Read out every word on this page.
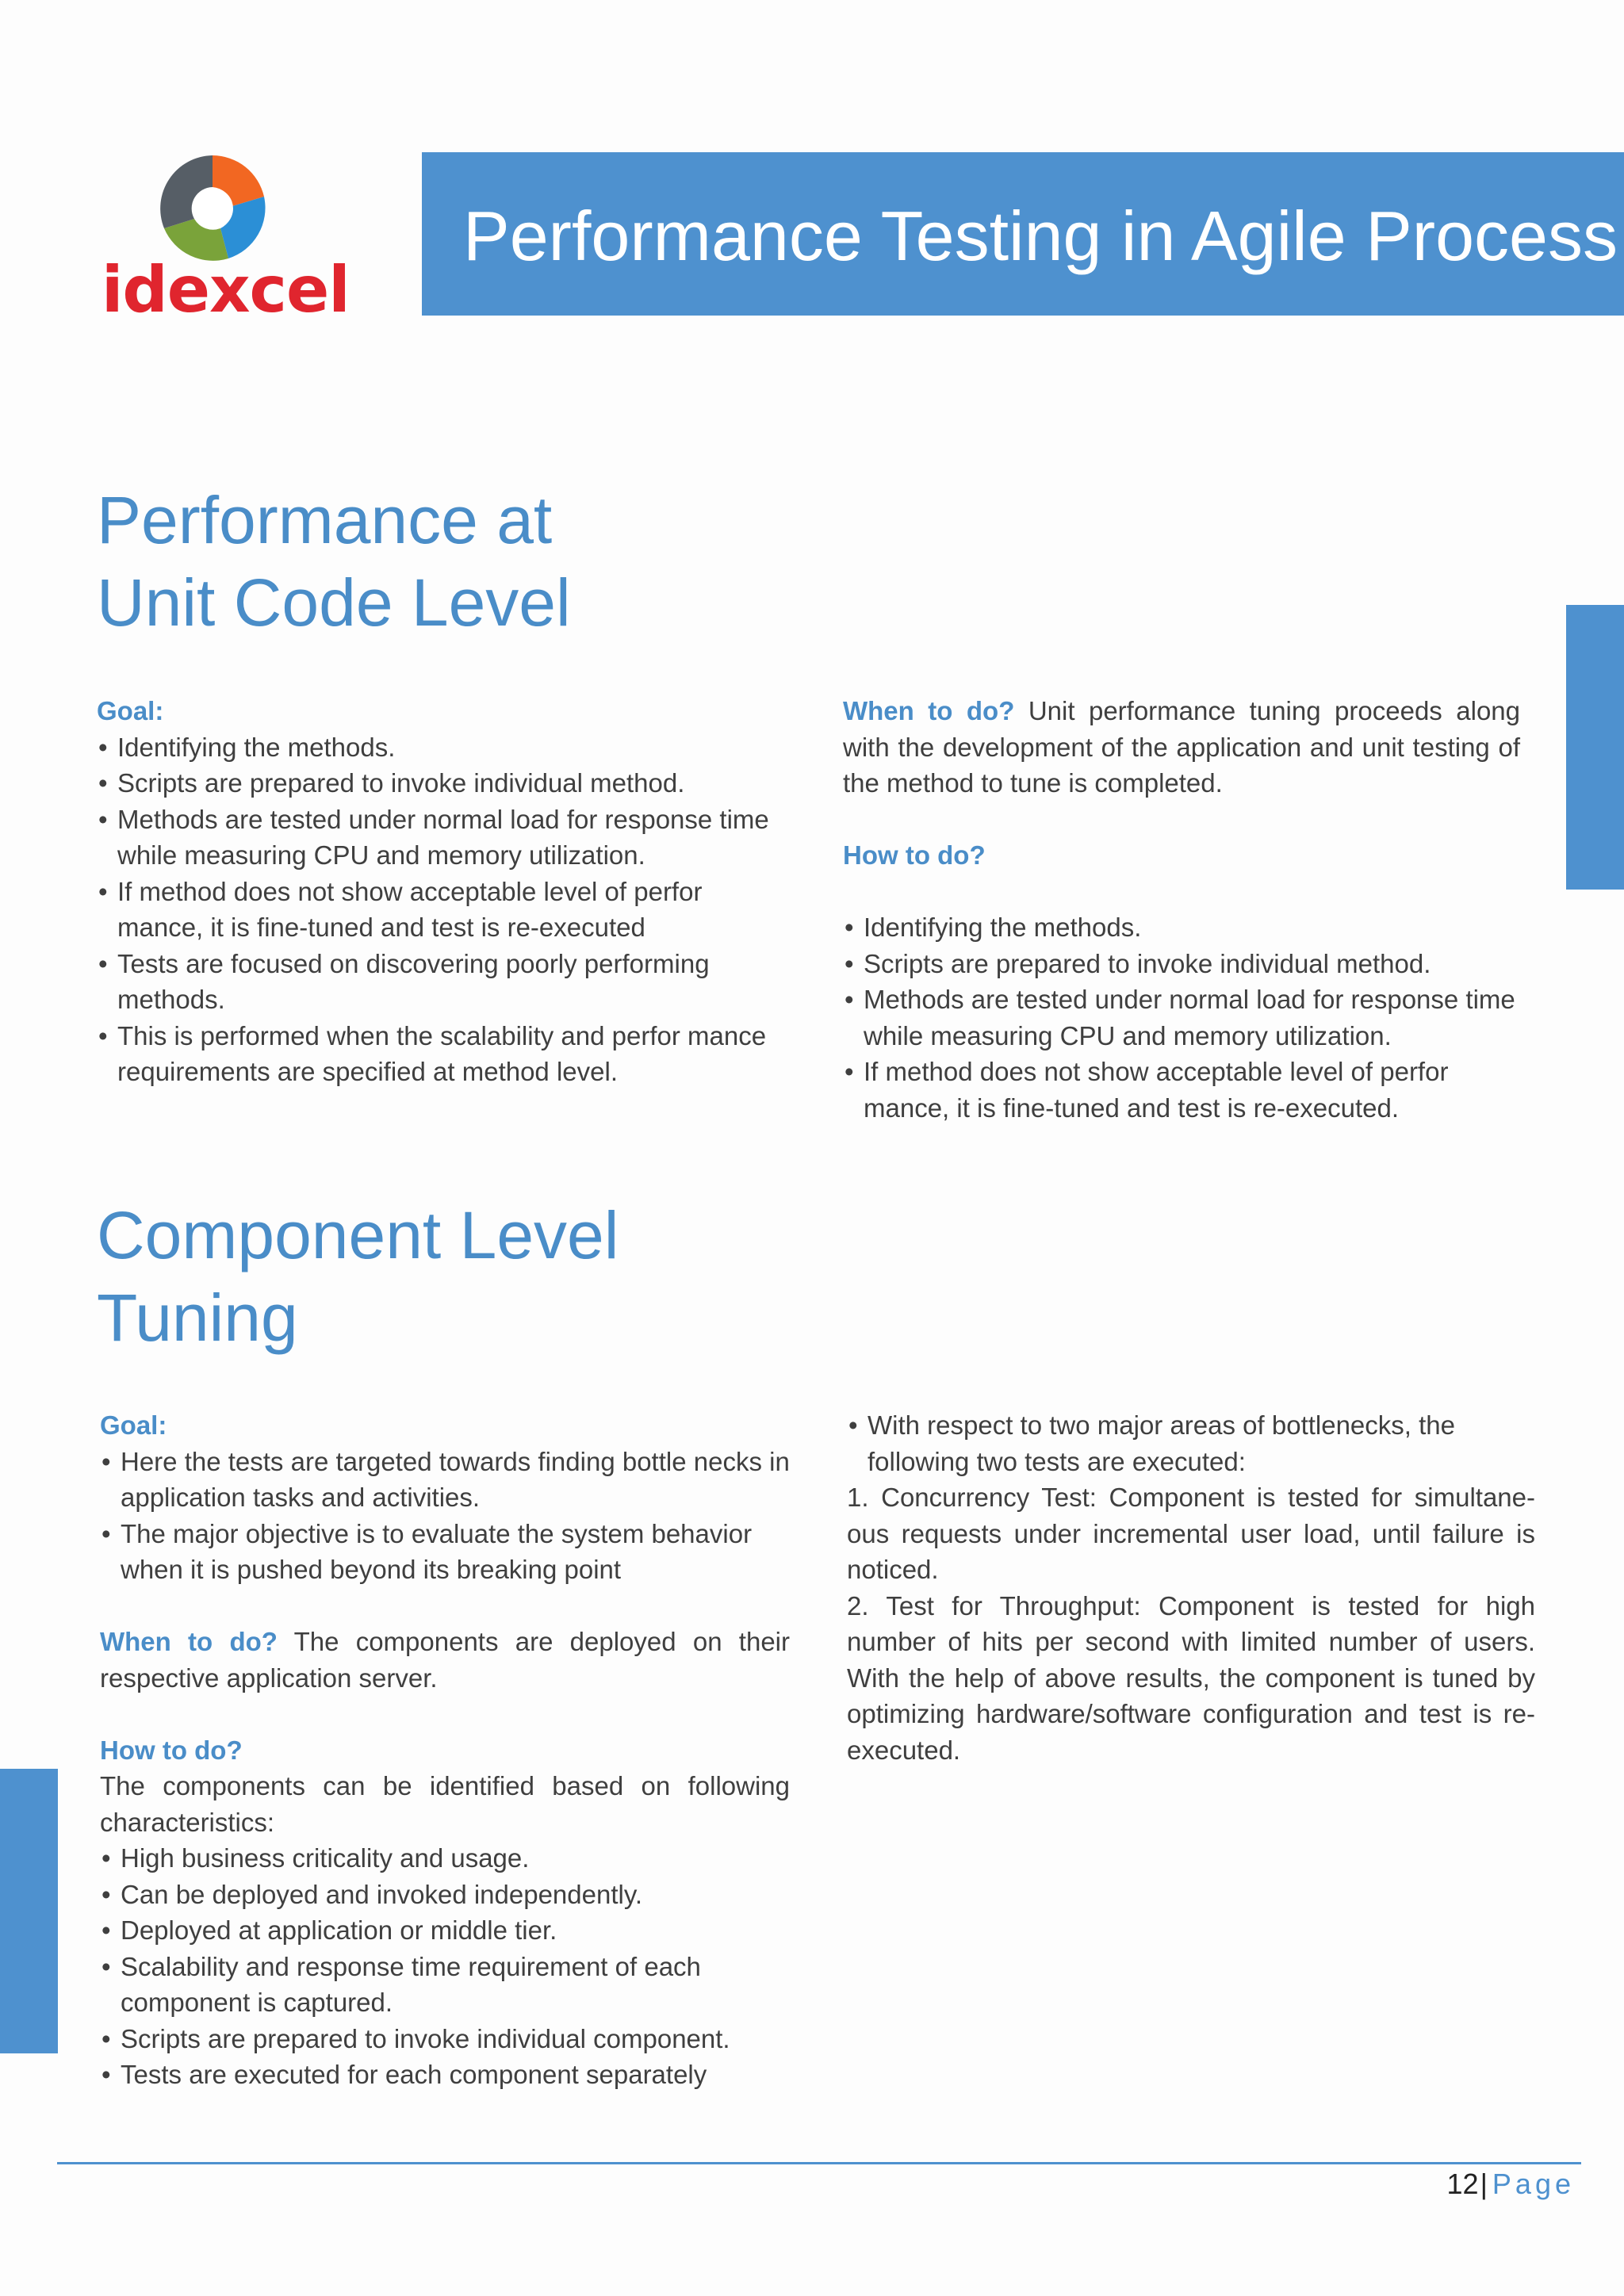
idexcel
Performance Testing in Agile Process
Performance at
Unit Code Level

Goal:

• Identifying the methods.
• Scripts are prepared to invoke individual method.
• Methods are tested under normal load for response time while measuring CPU and memory utilization.
• If method does not show acceptable level of perfor mance, it is fine-tuned and test is re-executed
• Tests are focused on discovering poorly performing methods.
• This is performed when the scalability and perfor mance requirements are specified at method level.

When to do? Unit performance tuning proceeds along with the development of the application and unit testing of the method to tune is completed.

How to do?

• Identifying the methods.
• Scripts are prepared to invoke individual method.
• Methods are tested under normal load for response time while measuring CPU and memory utilization.
• If method does not show acceptable level of perfor mance, it is fine-tuned and test is re-executed.
Component Level
Tuning

Goal:

• Here the tests are targeted towards finding bottle necks in application tasks and activities.
• The major objective is to evaluate the system behavior when it is pushed beyond its breaking point

When to do? The components are deployed on their respective application server.

How to do?

The components can be identified based on following characteristics:

• High business criticality and usage.
• Can be deployed and invoked independently.
• Deployed at application or middle tier.
• Scalability and response time requirement of each component is captured.
• Scripts are prepared to invoke individual component.
• Tests are executed for each component separately
• With respect to two major areas of bottlenecks, the following two tests are executed:

1. Concurrency Test: Component is tested for simultane- ous requests under incremental user load, until failure is noticed.

2. Test for Throughput: Component is tested for high number of hits per second with limited number of users. With the help of above results, the component is tuned by optimizing hardware/software configuration and test is re-executed.

12| Page
